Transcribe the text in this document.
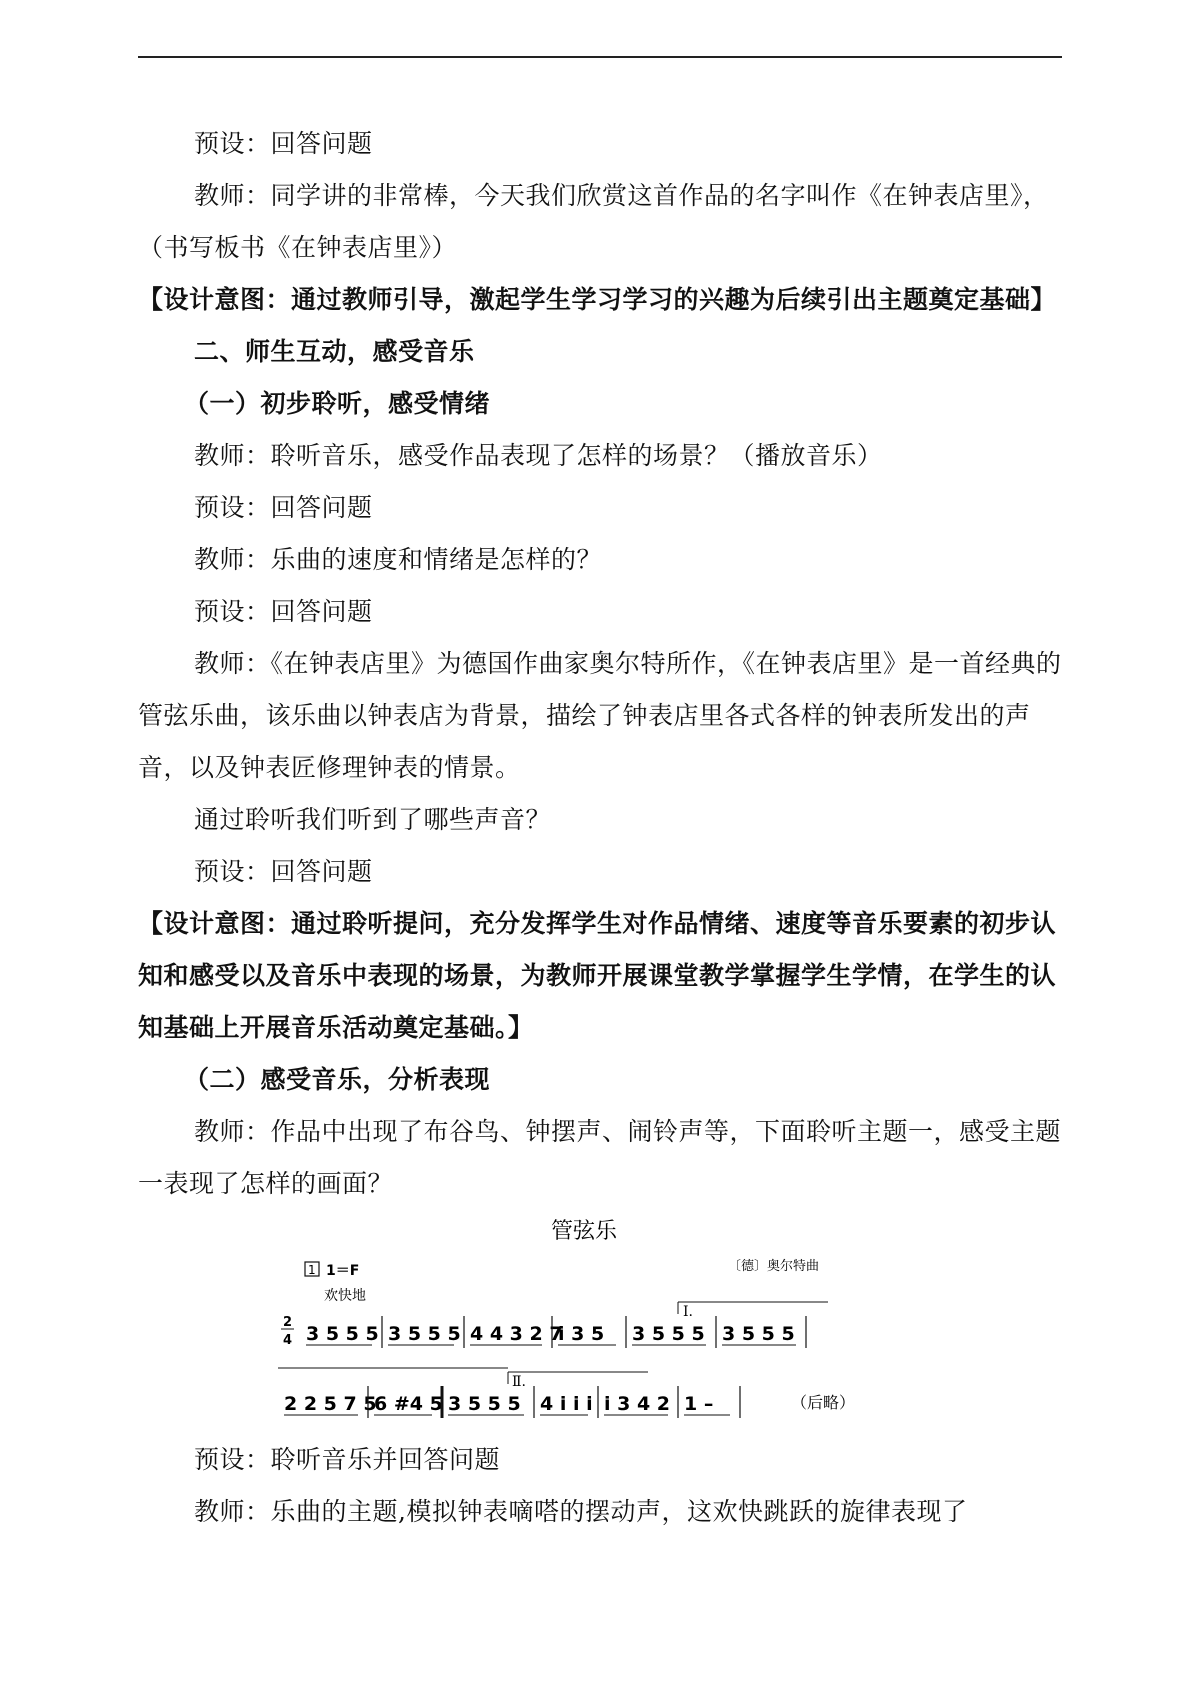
预设：回答问题

教师：同学讲的非常棒，今天我们欣赏这首作品的名字叫作《在钟表店里》，（书写板书《在钟表店里》）

【设计意图：通过教师引导，激起学生学习学习的兴趣为后续引出主题奠定基础】

二、师生互动，感受音乐

（一）初步聆听，感受情绪

教师：聆听音乐，感受作品表现了怎样的场景？（播放音乐）

预设：回答问题

教师：乐曲的速度和情绪是怎样的？

预设：回答问题

教师：《在钟表店里》为德国作曲家奥尔特所作，《在钟表店里》是一首经典的管弦乐曲，该乐曲以钟表店为背景，描绘了钟表店里各式各样的钟表所发出的声音，以及钟表匠修理钟表的情景。

通过聆听我们听到了哪些声音？

预设：回答问题

【设计意图：通过聆听提问，充分发挥学生对作品情绪、速度等音乐要素的初步认知和感受以及音乐中表现的场景，为教师开展课堂教学掌握学生学情，在学生的认知基础上开展音乐活动奠定基础。】

（二）感受音乐，分析表现

教师：作品中出现了布谷鸟、钟摆声、闹铃声等，下面聆听主题一，感受主题一表现了怎样的画面？

管弦乐
1 1＝F
欢快地
〔德〕奥尔特曲
2
4 3 5 5 5 3 5 5 5 4 4 3 2 7
i 3 5 3 5 5 5 3 5 5 5
Ⅰ.
Ⅱ.
2 2 5 7 5
6 #4 5 3 5 5 5 4 i i i i 3 4 2 1 –	（后略）

预设：聆听音乐并回答问题

教师：乐曲的主题,模拟钟表嘀嗒的摆动声，这欢快跳跃的旋律表现了
